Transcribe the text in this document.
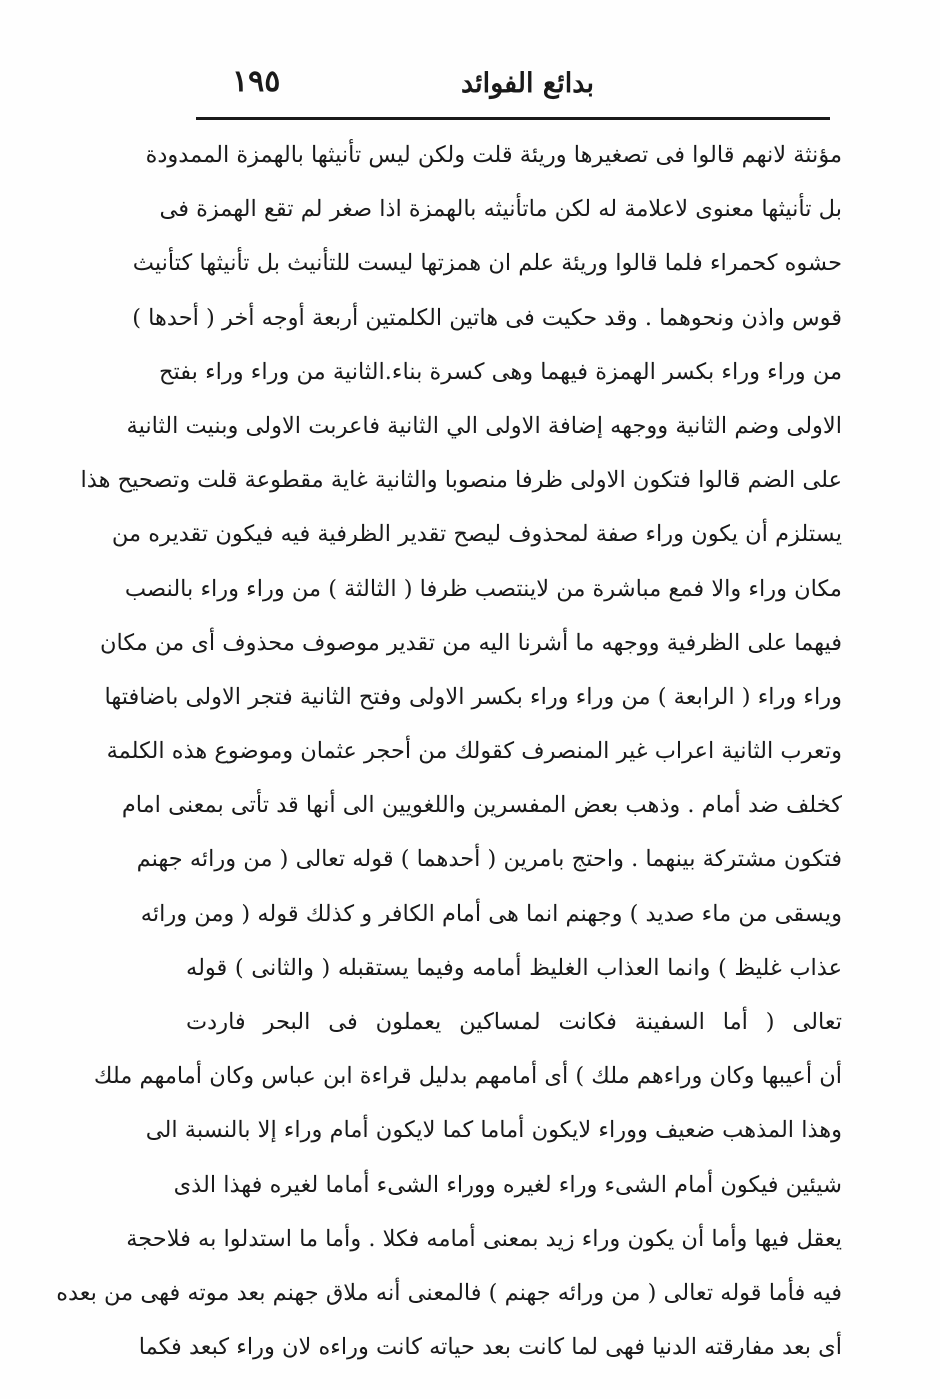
بدائع الفوائد
١٩٥
مؤنثة لانهم قالوا فى تصغيرها وريئة قلت ولكن ليس تأنيثها بالهمزة الممدودة
بل تأنيثها معنوى لاعلامة له لكن ماتأنيثه بالهمزة اذا صغر لم تقع الهمزة فى
حشوه كحمراء فلما قالوا وريئة علم ان همزتها ليست للتأنيث بل تأنيثها كتأنيث
قوس واذن ونحوهما . وقد حكيت فى هاتين الكلمتين أربعة أوجه أخر ( أحدها )
من وراء وراء بكسر الهمزة فيهما وهى كسرة بناء.الثانية من وراء وراء بفتح
الاولى وضم الثانية ووجهه إضافة الاولى الي الثانية فاعربت الاولى وبنيت الثانية
على الضم قالوا فتكون الاولى ظرفا منصوبا والثانية غاية مقطوعة قلت وتصحيح هذا
يستلزم أن يكون وراء صفة لمحذوف ليصح تقدير الظرفية فيه فيكون تقديره من
مكان وراء والا فمع مباشرة من لاينتصب ظرفا ( الثالثة ) من وراء وراء بالنصب
فيهما على الظرفية ووجهه ما أشرنا اليه من تقدير موصوف محذوف أى من مكان
وراء وراء ( الرابعة ) من وراء وراء بكسر الاولى وفتح الثانية فتجر الاولى باضافتها
وتعرب الثانية اعراب غير المنصرف كقولك من أحجر عثمان وموضوع هذه الكلمة
كخلف ضد أمام . وذهب بعض المفسرين واللغويين الى أنها قد تأتى بمعنى امام
فتكون مشتركة بينهما . واحتج بامرين ( أحدهما ) قوله تعالى ( من ورائه جهنم
ويسقى من ماء صديد ) وجهنم انما هى أمام الكافر و كذلك قوله ( ومن ورائه
عذاب غليظ ) وانما العذاب الغليظ أمامه وفيما يستقبله ( والثانى ) قوله
تعالى ( أما السفينة فكانت لمساكين يعملون فى البحر فاردت
أن أعيبها وكان وراءهم ملك ) أى أمامهم بدليل قراءة ابن عباس وكان أمامهم ملك
وهذا المذهب ضعيف ووراء لايكون أماما كما لايكون أمام وراء إلا بالنسبة الى
شيئين فيكون أمام الشىء وراء لغيره ووراء الشىء أماما لغيره فهذا الذى
يعقل فيها وأما أن يكون وراء زيد بمعنى أمامه فكلا . وأما ما استدلوا به فلاحجة
فيه فأما قوله تعالى ( من ورائه جهنم ) فالمعنى أنه ملاق جهنم بعد موته فهى من بعده
أى بعد مفارقته الدنيا فهى لما كانت بعد حياته كانت وراءه لان وراء كبعد فكما
